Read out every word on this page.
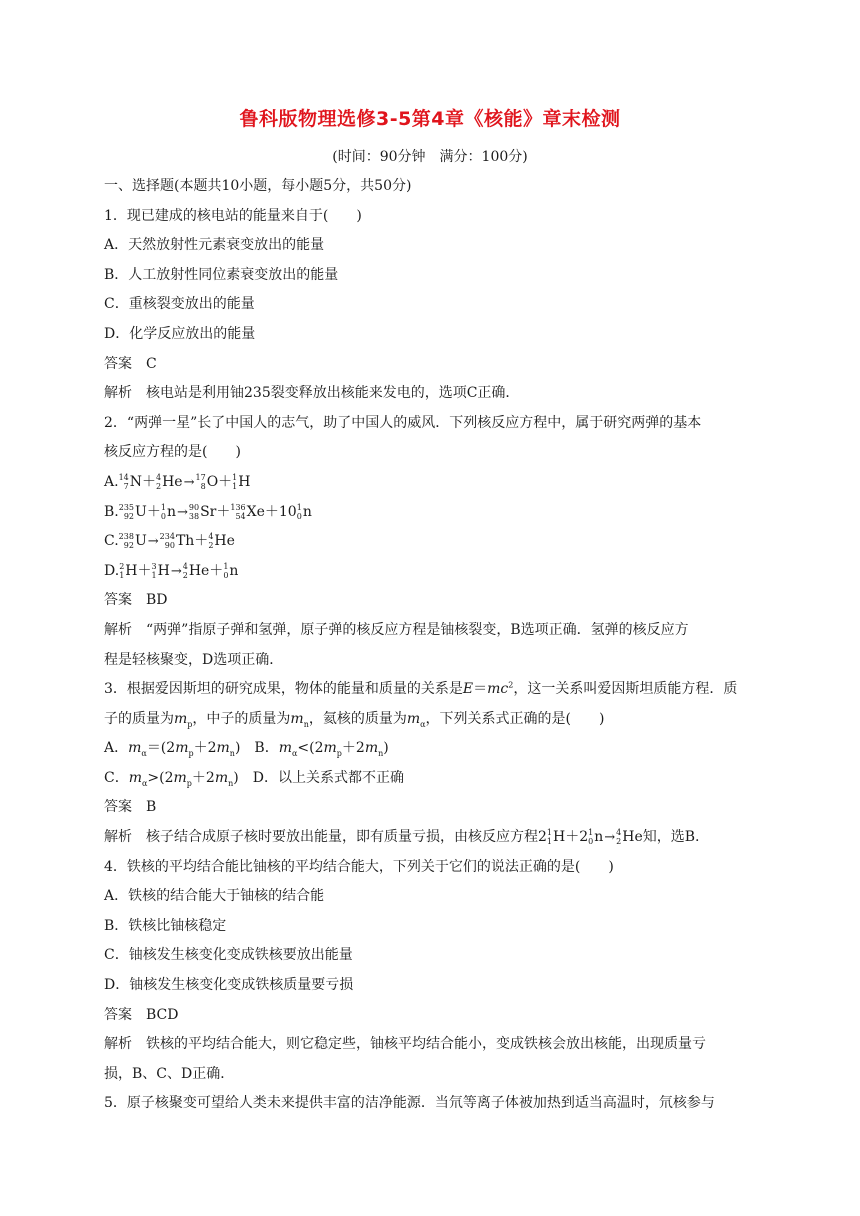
鲁科版物理选修3-5第4章《核能》章末检测
(时间：90分钟　满分：100分)
一、选择题(本题共10小题，每小题5分，共50分)
1．现已建成的核电站的能量来自于(　　)
A．天然放射性元素衰变放出的能量
B．人工放射性同位素衰变放出的能量
C．重核裂变放出的能量
D．化学反应放出的能量
答案　C
解析　核电站是利用铀235裂变释放出核能来发电的，选项C正确．
2．“两弹一星”长了中国人的志气，助了中国人的威风．下列核反应方程中，属于研究两弹的基本
核反应方程的是(　　)
A. 14
7 N＋ 4
2 He→ 17
8 O＋ 1
1 H
B. 235
92 U＋ 1
0 n→ 90
38 Sr＋ 136
54 Xe＋10 1
0 n
C. 238
92 U→ 234
90 Th＋ 4
2 He
D. 2
1 H＋ 3
1 H→ 4
2 He＋ 1
0 n
答案　BD
解析　“两弹”指原子弹和氢弹，原子弹的核反应方程是铀核裂变，B选项正确．氢弹的核反应方
程是轻核聚变，D选项正确．
3．根据爱因斯坦的研究成果，物体的能量和质量的关系是$E=mc^2$，这一关系叫爱因斯坦质能方程．质
子的质量为$m_p$，中子的质量为$m_n$，氦核的质量为$m_\alpha$，下列关系式正确的是(　　)
A．$m_\alpha=(2m_p+2m_n)$　B．$m_\alpha<(2m_p+2m_n)$
C．$m_\alpha>(2m_p+2m_n)$　D．以上关系式都不正确
答案　B
解析　核子结合成原子核时要放出能量，即有质量亏损，由核反应方程2 1
1 H＋2 1
0 n→ 4
2 He知，选B.
4．铁核的平均结合能比铀核的平均结合能大，下列关于它们的说法正确的是(　　)
A．铁核的结合能大于铀核的结合能
B．铁核比铀核稳定
C．铀核发生核变化变成铁核要放出能量
D．铀核发生核变化变成铁核质量要亏损
答案　BCD
解析　铁核的平均结合能大，则它稳定些，铀核平均结合能小，变成铁核会放出核能，出现质量亏
损，B、C、D正确．
5．原子核聚变可望给人类未来提供丰富的洁净能源．当氘等离子体被加热到适当高温时，氘核参与
